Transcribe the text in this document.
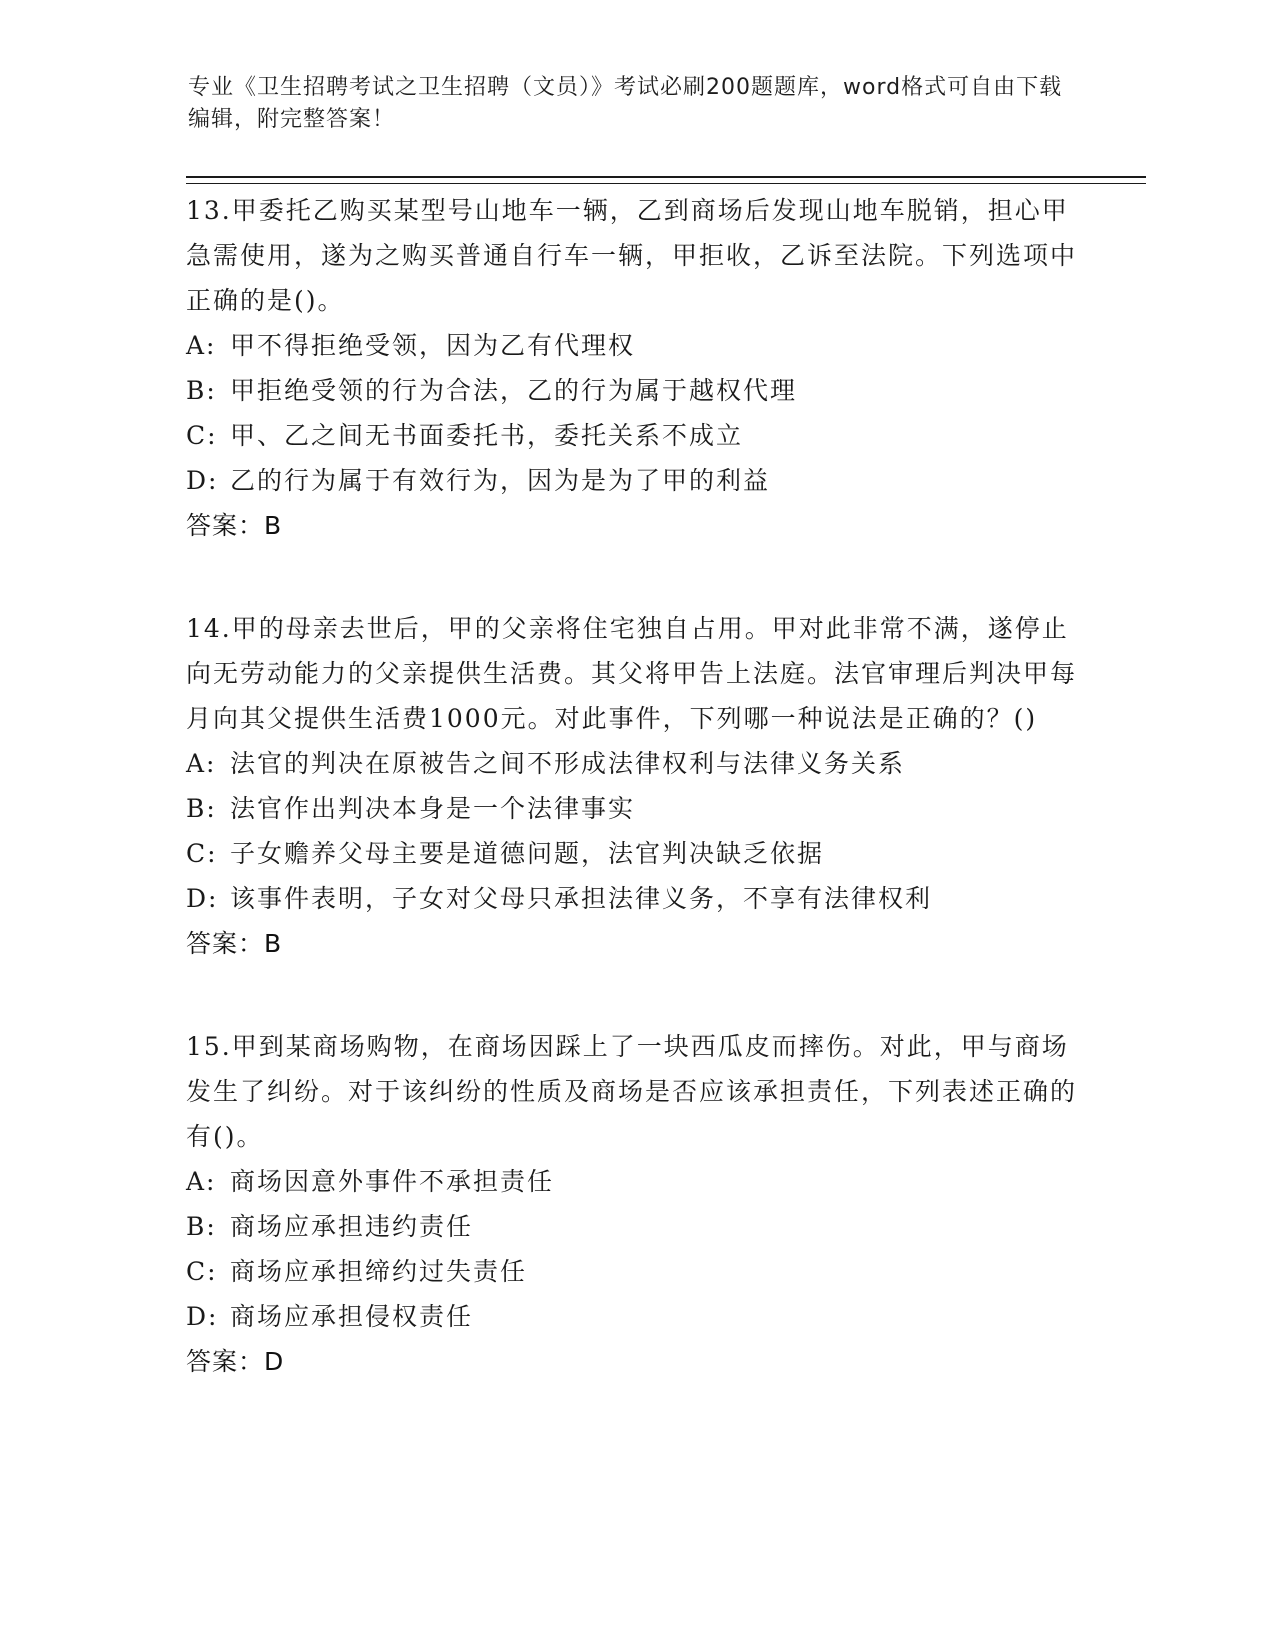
专业《卫生招聘考试之卫生招聘（文员）》考试必刷200题题库，word格式可自由下载编辑，附完整答案！
13.甲委托乙购买某型号山地车一辆，乙到商场后发现山地车脱销，担心甲急需使用，遂为之购买普通自行车一辆，甲拒收，乙诉至法院。下列选项中正确的是()。
A: 甲不得拒绝受领，因为乙有代理权
B: 甲拒绝受领的行为合法，乙的行为属于越权代理
C: 甲、乙之间无书面委托书，委托关系不成立
D: 乙的行为属于有效行为，因为是为了甲的利益
答案：B
14.甲的母亲去世后，甲的父亲将住宅独自占用。甲对此非常不满，遂停止向无劳动能力的父亲提供生活费。其父将甲告上法庭。法官审理后判决甲每月向其父提供生活费1000元。对此事件，下列哪一种说法是正确的？()
A: 法官的判决在原被告之间不形成法律权利与法律义务关系
B: 法官作出判决本身是一个法律事实
C: 子女赡养父母主要是道德问题，法官判决缺乏依据
D: 该事件表明，子女对父母只承担法律义务，不享有法律权利
答案：B
15.甲到某商场购物，在商场因踩上了一块西瓜皮而摔伤。对此，甲与商场发生了纠纷。对于该纠纷的性质及商场是否应该承担责任，下列表述正确的有()。
A: 商场因意外事件不承担责任
B: 商场应承担违约责任
C: 商场应承担缔约过失责任
D: 商场应承担侵权责任
答案：D
